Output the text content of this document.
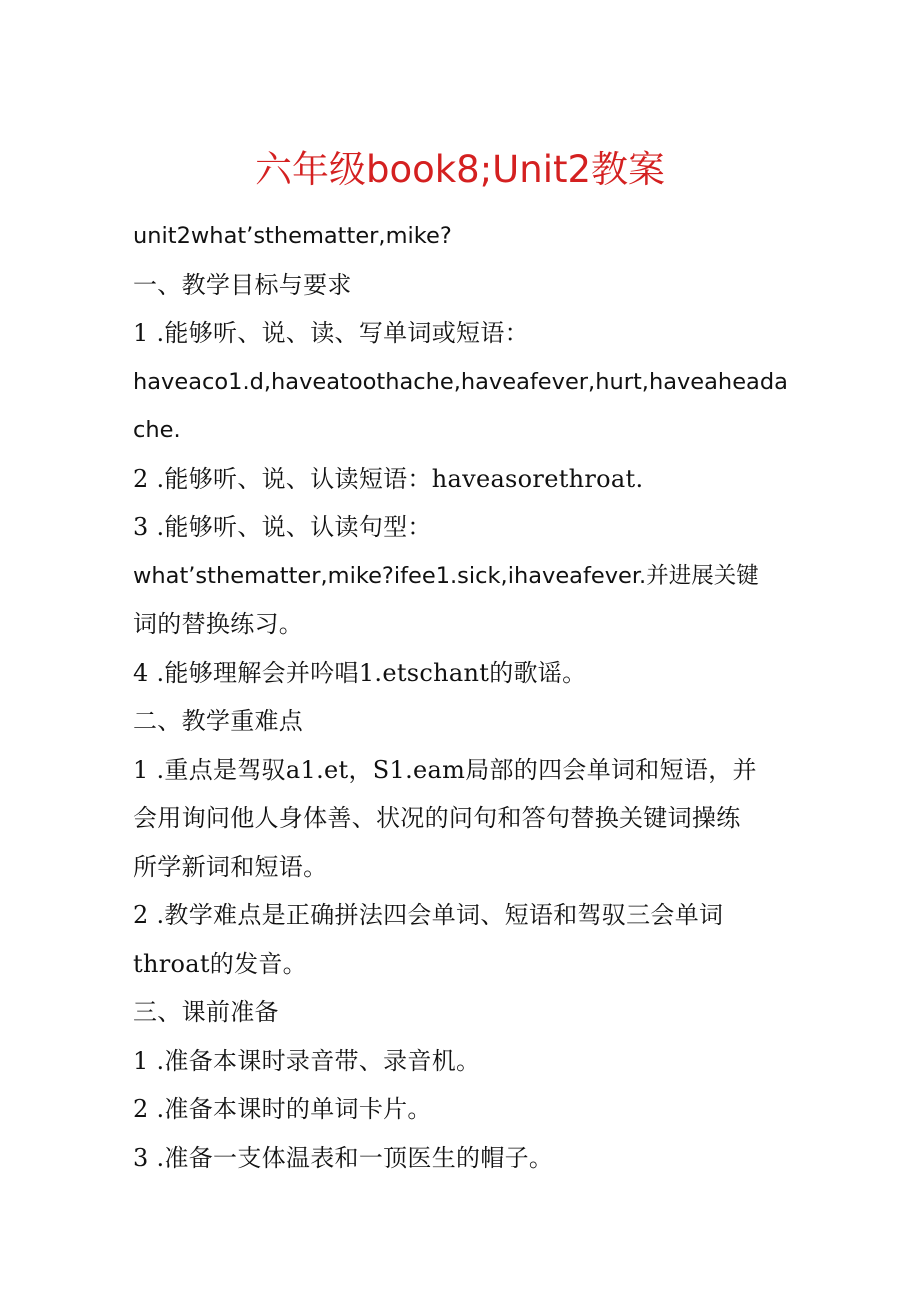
六年级book8;Unit2教案
unit2what’sthematter,mike?
一、教学目标与要求
1 .能够听、说、读、写单词或短语：
haveaco1.d,haveatoothache,haveafever,hurt,haveaheada
che.
2 .能够听、说、认读短语：haveasorethroat.
3 .能够听、说、认读句型：
what’sthematter,mike?ifee1.sick,ihaveafever.并进展关键
词的替换练习。
4 .能够理解会并吟唱1.etschant的歌谣。
二、教学重难点
1 .重点是驾驭a1.et，S1.eam局部的四会单词和短语，并
会用询问他人身体善、状况的问句和答句替换关键词操练
所学新词和短语。
2 .教学难点是正确拼法四会单词、短语和驾驭三会单词
throat的发音。
三、课前准备
1 .准备本课时录音带、录音机。
2 .准备本课时的单词卡片。
3 .准备一支体温表和一顶医生的帽子。
